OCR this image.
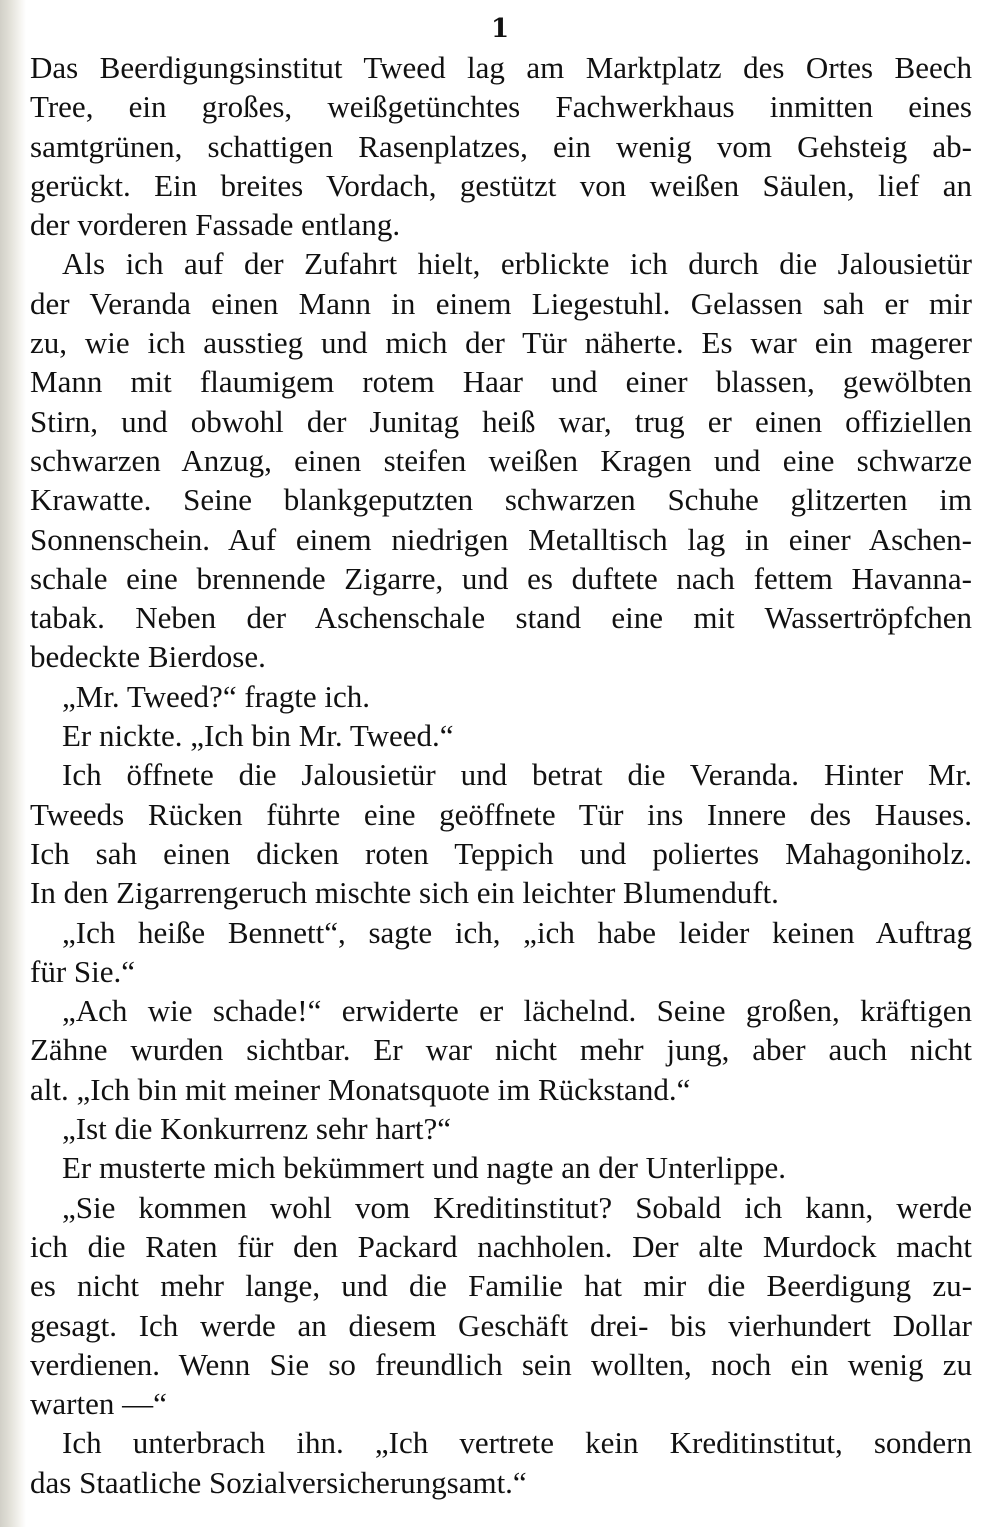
1
Das Beerdigungsinstitut Tweed lag am Marktplatz des Ortes Beech
Tree, ein großes, weißgetünchtes Fachwerkhaus inmitten eines
samtgrünen, schattigen Rasenplatzes, ein wenig vom Gehsteig ab-
gerückt. Ein breites Vordach, gestützt von weißen Säulen, lief an
der vorderen Fassade entlang.
Als ich auf der Zufahrt hielt, erblickte ich durch die Jalousietür
der Veranda einen Mann in einem Liegestuhl. Gelassen sah er mir
zu, wie ich ausstieg und mich der Tür näherte. Es war ein magerer
Mann mit flaumigem rotem Haar und einer blassen, gewölbten
Stirn, und obwohl der Junitag heiß war, trug er einen offiziellen
schwarzen Anzug, einen steifen weißen Kragen und eine schwarze
Krawatte. Seine blankgeputzten schwarzen Schuhe glitzerten im
Sonnenschein. Auf einem niedrigen Metalltisch lag in einer Aschen-
schale eine brennende Zigarre, und es duftete nach fettem Havanna-
tabak. Neben der Aschenschale stand eine mit Wassertröpfchen
bedeckte Bierdose.
„Mr. Tweed?“ fragte ich.
Er nickte. „Ich bin Mr. Tweed.“
Ich öffnete die Jalousietür und betrat die Veranda. Hinter Mr.
Tweeds Rücken führte eine geöffnete Tür ins Innere des Hauses.
Ich sah einen dicken roten Teppich und poliertes Mahagoniholz.
In den Zigarrengeruch mischte sich ein leichter Blumenduft.
„Ich heiße Bennett“, sagte ich, „ich habe leider keinen Auftrag
für Sie.“
„Ach wie schade!“ erwiderte er lächelnd. Seine großen, kräftigen
Zähne wurden sichtbar. Er war nicht mehr jung, aber auch nicht
alt. „Ich bin mit meiner Monatsquote im Rückstand.“
„Ist die Konkurrenz sehr hart?“
Er musterte mich bekümmert und nagte an der Unterlippe.
„Sie kommen wohl vom Kreditinstitut? Sobald ich kann, werde
ich die Raten für den Packard nachholen. Der alte Murdock macht
es nicht mehr lange, und die Familie hat mir die Beerdigung zu-
gesagt. Ich werde an diesem Geschäft drei- bis vierhundert Dollar
verdienen. Wenn Sie so freundlich sein wollten, noch ein wenig zu
warten —“
Ich unterbrach ihn. „Ich vertrete kein Kreditinstitut, sondern
das Staatliche Sozialversicherungsamt.“
